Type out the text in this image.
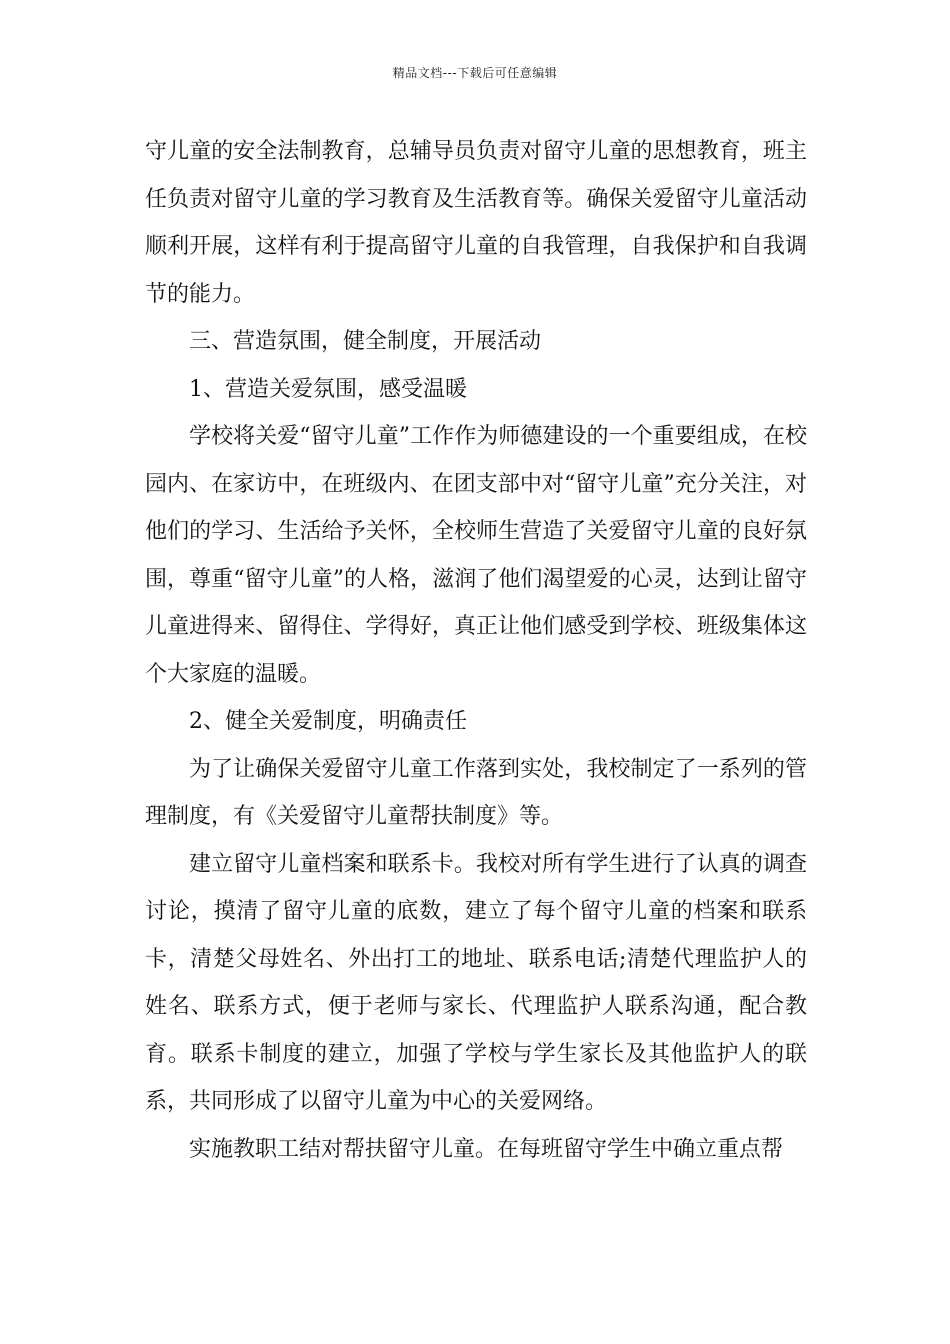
精品文档---下载后可任意编辑

守儿童的安全法制教育，总辅导员负责对留守儿童的思想教育，班主任负责对留守儿童的学习教育及生活教育等。确保关爱留守儿童活动顺利开展，这样有利于提高留守儿童的自我管理，自我保护和自我调节的能力。

三、营造氛围，健全制度，开展活动

1、营造关爱氛围，感受温暖

学校将关爱“留守儿童”工作作为师德建设的一个重要组成，在校园内、在家访中，在班级内、在团支部中对“留守儿童”充分关注，对他们的学习、生活给予关怀，全校师生营造了关爱留守儿童的良好氛围，尊重“留守儿童”的人格，滋润了他们渴望爱的心灵，达到让留守儿童进得来、留得住、学得好，真正让他们感受到学校、班级集体这个大家庭的温暖。

2、健全关爱制度，明确责任

为了让确保关爱留守儿童工作落到实处，我校制定了一系列的管理制度，有《关爱留守儿童帮扶制度》等。

建立留守儿童档案和联系卡。我校对所有学生进行了认真的调查讨论，摸清了留守儿童的底数，建立了每个留守儿童的档案和联系卡，清楚父母姓名、外出打工的地址、联系电话;清楚代理监护人的姓名、联系方式，便于老师与家长、代理监护人联系沟通，配合教育。联系卡制度的建立，加强了学校与学生家长及其他监护人的联系，共同形成了以留守儿童为中心的关爱网络。

实施教职工结对帮扶留守儿童。在每班留守学生中确立重点帮
